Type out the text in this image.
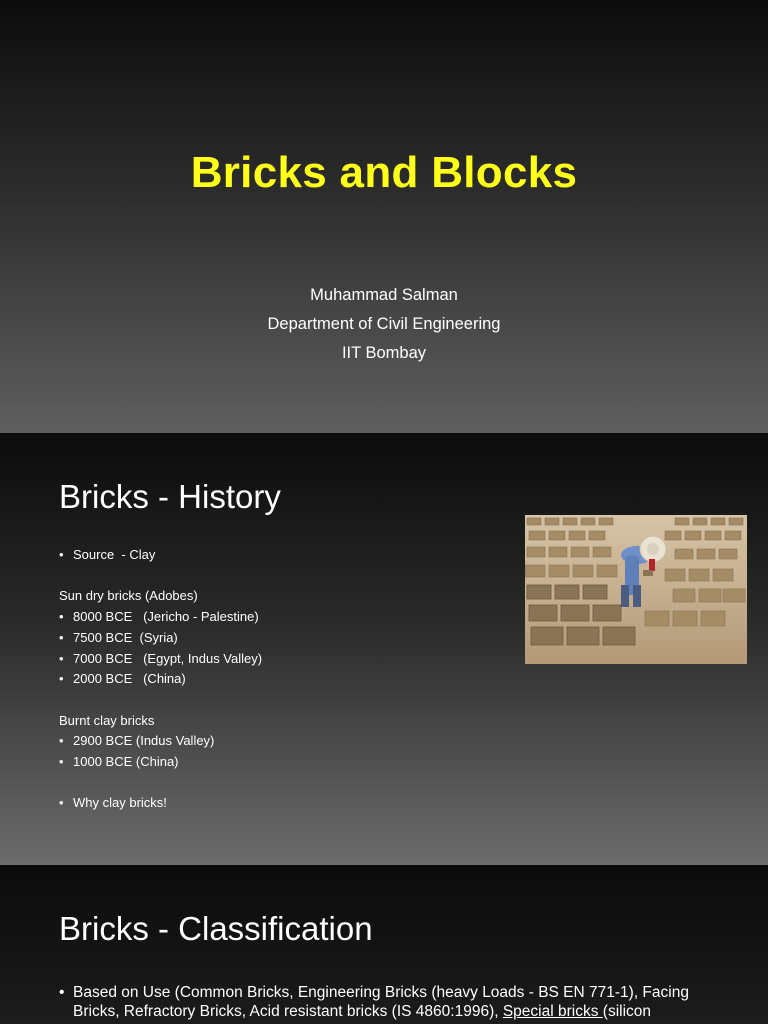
Bricks and Blocks
Muhammad Salman
Department of Civil Engineering
IIT Bombay
Bricks - History
• Source  - Clay
Sun dry bricks (Adobes)
• 8000 BCE   (Jericho - Palestine)
• 7500 BCE  (Syria)
• 7000 BCE   (Egypt, Indus Valley)
• 2000 BCE   (China)
Burnt clay bricks
• 2900 BCE (Indus Valley)
• 1000 BCE (China)
• Why clay bricks!
Bricks - Classification
• Based on Use (Common Bricks, Engineering Bricks (heavy Loads - BS EN 771-1), Facing Bricks, Refractory Bricks, Acid resistant bricks (IS 4860:1996), Special bricks (silicon
